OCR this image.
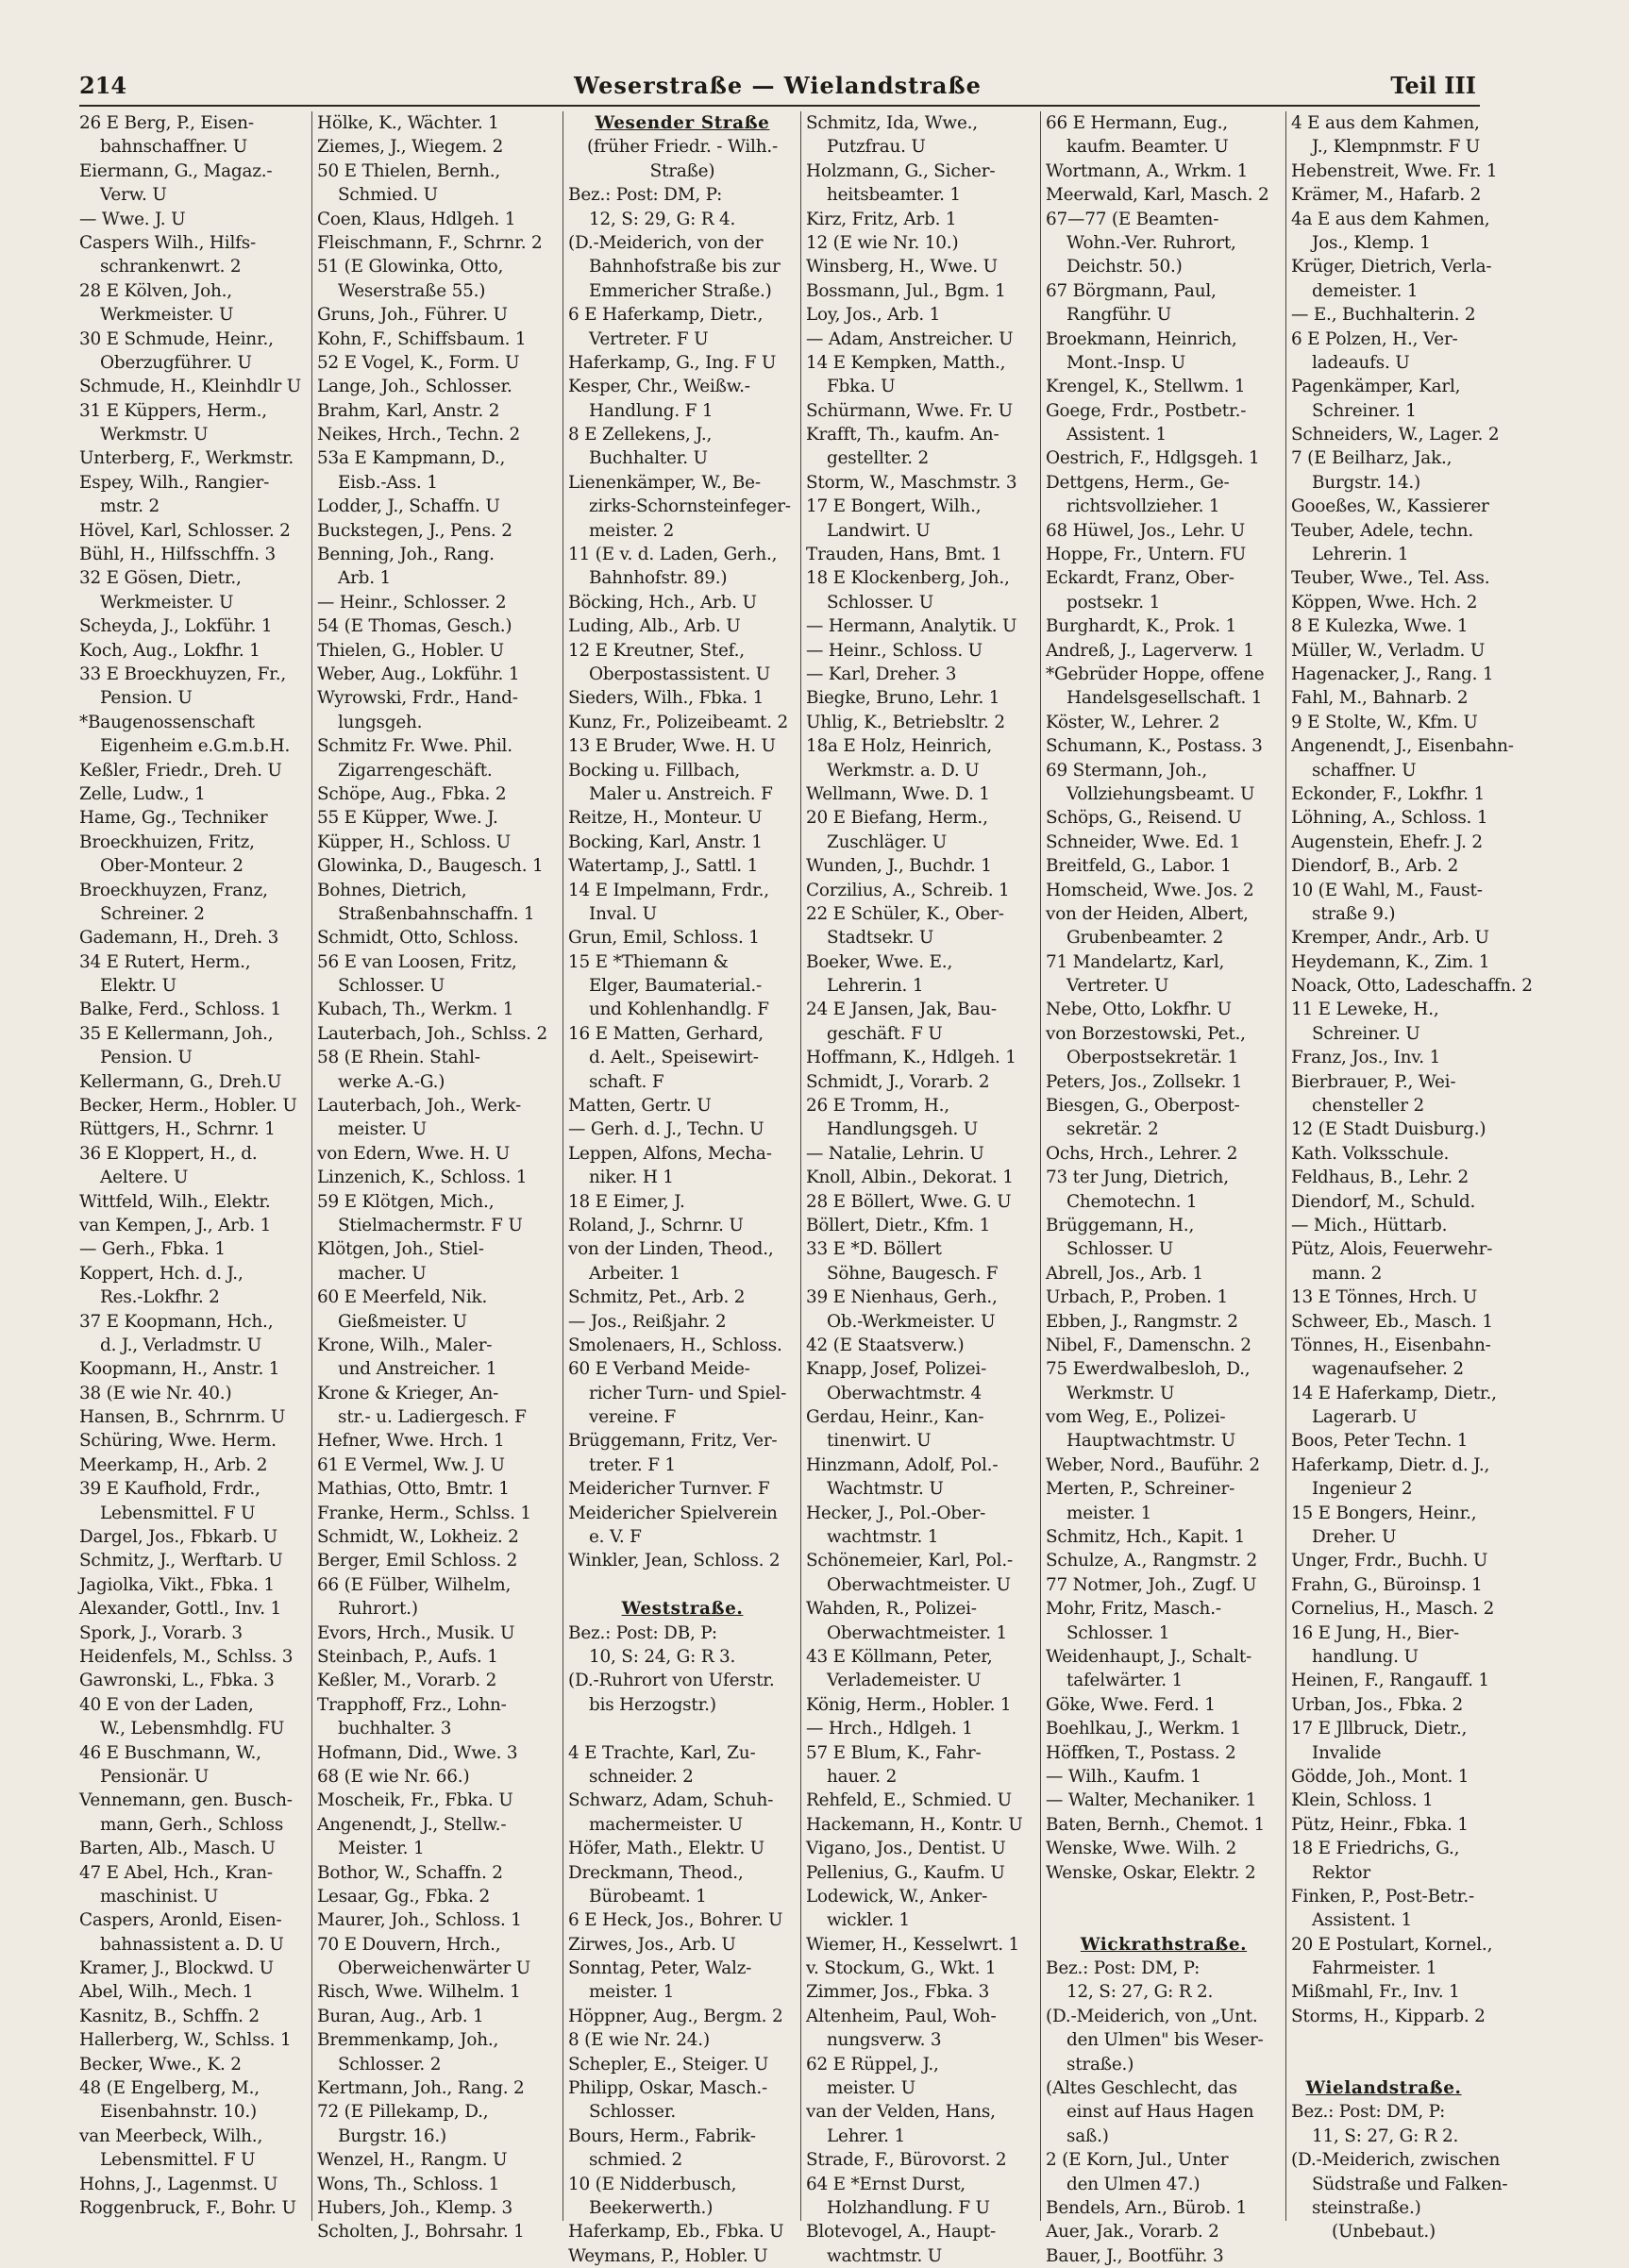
214	Weserstraße — Wielandstraße	Teil III
26 E Berg, P., Eisen-
bahnschaffner. U
Eiermann, G., Magaz.-
Verw. U
— Wwe. J. U
Caspers Wilh., Hilfs-
schrankenwrt. 2
28 E Kölven, Joh.,
Werkmeister. U
30 E Schmude, Heinr.,
Oberzugführer. U
Schmude, H., Kleinhdlr U
31 E Küppers, Herm.,
Werkmstr. U
Unterberg, F., Werkmstr.
Espey, Wilh., Rangier-
mstr. 2
Hövel, Karl, Schlosser. 2
Bühl, H., Hilfsschffn. 3
32 E Gösen, Dietr.,
Werkmeister. U
Scheyda, J., Lokführ. 1
Koch, Aug., Lokfhr. 1
33 E Broeckhuyzen, Fr.,
Pension. U
*Baugenossenschaft
Eigenheim e.G.m.b.H.
Keßler, Friedr., Dreh. U
Zelle, Ludw., 1
Hame, Gg., Techniker
Broeckhuizen, Fritz,
Ober-Monteur. 2
Broeckhuyzen, Franz,
Schreiner. 2
Gademann, H., Dreh. 3
34 E Rutert, Herm.,
Elektr. U
Balke, Ferd., Schloss. 1
35 E Kellermann, Joh.,
Pension. U
Kellermann, G., Dreh.U
Becker, Herm., Hobler. U
Rüttgers, H., Schrnr. 1
36 E Kloppert, H., d.
Aeltere. U
Wittfeld, Wilh., Elektr.
van Kempen, J., Arb. 1
— Gerh., Fbka. 1
Koppert, Hch. d. J.,
Res.-Lokfhr. 2
37 E Koopmann, Hch.,
d. J., Verladmstr. U
Koopmann, H., Anstr. 1
38 (E wie Nr. 40.)
Hansen, B., Schrnrm. U
Schüring, Wwe. Herm.
Meerkamp, H., Arb. 2
39 E Kaufhold, Frdr.,
Lebensmittel. F U
Dargel, Jos., Fbkarb. U
Schmitz, J., Werftarb. U
Jagiolka, Vikt., Fbka. 1
Alexander, Gottl., Inv. 1
Spork, J., Vorarb. 3
Heidenfels, M., Schlss. 3
Gawronski, L., Fbka. 3
40 E von der Laden,
W., Lebensmhdlg. FU
46 E Buschmann, W.,
Pensionär. U
Vennemann, gen. Busch-
mann, Gerh., Schloss
Barten, Alb., Masch. U
47 E Abel, Hch., Kran-
maschinist. U
Caspers, Aronld, Eisen-
bahnassistent a. D. U
Kramer, J., Blockwd. U
Abel, Wilh., Mech. 1
Kasnitz, B., Schffn. 2
Hallerberg, W., Schlss. 1
Becker, Wwe., K. 2
48 (E Engelberg, M.,
Eisenbahnstr. 10.)
van Meerbeck, Wilh.,
Lebensmittel. F U
Hohns, J., Lagenmst. U
Roggenbruck, F., Bohr. U
Hölke, K., Wächter. 1
Ziemes, J., Wiegem. 2
50 E Thielen, Bernh.,
Schmied. U
Coen, Klaus, Hdlgeh. 1
Fleischmann, F., Schrnr. 2
51 (E Glowinka, Otto,
Weserstraße 55.)
Gruns, Joh., Führer. U
Kohn, F., Schiffsbaum. 1
52 E Vogel, K., Form. U
Lange, Joh., Schlosser.
Brahm, Karl, Anstr. 2
Neikes, Hrch., Techn. 2
53a E Kampmann, D.,
Eisb.-Ass. 1
Lodder, J., Schaffn. U
Buckstegen, J., Pens. 2
Benning, Joh., Rang.
Arb. 1
— Heinr., Schlosser. 2
54 (E Thomas, Gesch.)
Thielen, G., Hobler. U
Weber, Aug., Lokführ. 1
Wyrowski, Frdr., Hand-
lungsgeh.
Schmitz Fr. Wwe. Phil.
Zigarrengeschäft.
Schöpe, Aug., Fbka. 2
55 E Küpper, Wwe. J.
Küpper, H., Schloss. U
Glowinka, D., Baugesch. 1
Bohnes, Dietrich,
Straßenbahnschaffn. 1
Schmidt, Otto, Schloss.
56 E van Loosen, Fritz,
Schlosser. U
Kubach, Th., Werkm. 1
Lauterbach, Joh., Schlss. 2
58 (E Rhein. Stahl-
werke A.-G.)
Lauterbach, Joh., Werk-
meister. U
von Edern, Wwe. H. U
Linzenich, K., Schloss. 1
59 E Klötgen, Mich.,
Stielmachermstr. F U
Klötgen, Joh., Stiel-
macher. U
60 E Meerfeld, Nik.
Gießmeister. U
Krone, Wilh., Maler-
und Anstreicher. 1
Krone & Krieger, An-
str.- u. Ladiergesch. F
Hefner, Wwe. Hrch. 1
61 E Vermel, Ww. J. U
Mathias, Otto, Bmtr. 1
Franke, Herm., Schlss. 1
Schmidt, W., Lokheiz. 2
Berger, Emil Schloss. 2
66 (E Fülber, Wilhelm,
Ruhrort.)
Evors, Hrch., Musik. U
Steinbach, P., Aufs. 1
Keßler, M., Vorarb. 2
Trapphoff, Frz., Lohn-
buchhalter. 3
Hofmann, Did., Wwe. 3
68 (E wie Nr. 66.)
Moscheik, Fr., Fbka. U
Angenendt, J., Stellw.-
Meister. 1
Bothor, W., Schaffn. 2
Lesaar, Gg., Fbka. 2
Maurer, Joh., Schloss. 1
70 E Douvern, Hrch.,
Oberweichenwärter U
Risch, Wwe. Wilhelm. 1
Buran, Aug., Arb. 1
Bremmenkamp, Joh.,
Schlosser. 2
Kertmann, Joh., Rang. 2
72 (E Pillekamp, D.,
Burgstr. 16.)
Wenzel, H., Rangm. U
Wons, Th., Schloss. 1
Hubers, Joh., Klemp. 3
Scholten, J., Bohrsahr. 1
Wesender Straße
(früher Friedr. - Wilh.-
Straße)
Bez.: Post: DM, P:
12, S: 29, G: R 4.
(D.-Meiderich, von der
Bahnhofstraße bis zur
Emmericher Straße.)
6 E Haferkamp, Dietr.,
Vertreter. F U
Haferkamp, G., Ing. F U
Kesper, Chr., Weißw.-
Handlung. F 1
8 E Zellekens, J.,
Buchhalter. U
Lienenkämper, W., Be-
zirks-Schornsteinfeger-
meister. 2
11 (E v. d. Laden, Gerh.,
Bahnhofstr. 89.)
Böcking, Hch., Arb. U
Luding, Alb., Arb. U
12 E Kreutner, Stef.,
Oberpostassistent. U
Sieders, Wilh., Fbka. 1
Kunz, Fr., Polizeibeamt. 2
13 E Bruder, Wwe. H. U
Bocking u. Fillbach,
Maler u. Anstreich. F
Reitze, H., Monteur. U
Bocking, Karl, Anstr. 1
Watertamp, J., Sattl. 1
14 E Impelmann, Frdr.,
Inval. U
Grun, Emil, Schloss. 1
15 E *Thiemann &
Elger, Baumaterial.-
und Kohlenhandlg. F
16 E Matten, Gerhard,
d. Aelt., Speisewirt-
schaft. F
Matten, Gertr. U
— Gerh. d. J., Techn. U
Leppen, Alfons, Mecha-
niker. H 1
18 E Eimer, J.
Roland, J., Schrnr. U
von der Linden, Theod.,
Arbeiter. 1
Schmitz, Pet., Arb. 2
— Jos., Reißjahr. 2
Smolenaers, H., Schloss.
60 E Verband Meide-
richer Turn- und Spiel-
vereine. F
Brüggemann, Fritz, Ver-
treter. F 1
Meidericher Turnver. F
Meidericher Spielverein
e. V. F
Winkler, Jean, Schloss. 2
Weststraße.
Bez.: Post: DB, P:
10, S: 24, G: R 3.
(D.-Ruhrort von Uferstr.
bis Herzogstr.)
4 E Trachte, Karl, Zu-
schneider. 2
Schwarz, Adam, Schuh-
machermeister. U
Höfer, Math., Elektr. U
Dreckmann, Theod.,
Bürobeamt. 1
6 E Heck, Jos., Bohrer. U
Zirwes, Jos., Arb. U
Sonntag, Peter, Walz-
meister. 1
Höppner, Aug., Bergm. 2
8 (E wie Nr. 24.)
Schepler, E., Steiger. U
Philipp, Oskar, Masch.-
Schlosser.
Bours, Herm., Fabrik-
schmied. 2
10 (E Nidderbusch,
Beekerwerth.)
Haferkamp, Eb., Fbka. U
Weymans, P., Hobler. U
Schmitz, Ida, Wwe.,
Putzfrau. U
Holzmann, G., Sicher-
heitsbeamter. 1
Kirz, Fritz, Arb. 1
12 (E wie Nr. 10.)
Winsberg, H., Wwe. U
Bossmann, Jul., Bgm. 1
Loy, Jos., Arb. 1
— Adam, Anstreicher. U
14 E Kempken, Matth.,
Fbka. U
Schürmann, Wwe. Fr. U
Krafft, Th., kaufm. An-
gestellter. 2
Storm, W., Maschmstr. 3
17 E Bongert, Wilh.,
Landwirt. U
Trauden, Hans, Bmt. 1
18 E Klockenberg, Joh.,
Schlosser. U
— Hermann, Analytik. U
— Heinr., Schloss. U
— Karl, Dreher. 3
Biegke, Bruno, Lehr. 1
Uhlig, K., Betriebsltr. 2
18a E Holz, Heinrich,
Werkmstr. a. D. U
Wellmann, Wwe. D. 1
20 E Biefang, Herm.,
Zuschläger. U
Wunden, J., Buchdr. 1
Corzilius, A., Schreib. 1
22 E Schüler, K., Ober-
Stadtsekr. U
Boeker, Wwe. E.,
Lehrerin. 1
24 E Jansen, Jak, Bau-
geschäft. F U
Hoffmann, K., Hdlgeh. 1
Schmidt, J., Vorarb. 2
26 E Tromm, H.,
Handlungsgeh. U
— Natalie, Lehrin. U
Knoll, Albin., Dekorat. 1
28 E Böllert, Wwe. G. U
Böllert, Dietr., Kfm. 1
33 E *D. Böllert
Söhne, Baugesch. F
39 E Nienhaus, Gerh.,
Ob.-Werkmeister. U
42 (E Staatsverw.)
Knapp, Josef, Polizei-
Oberwachtmstr. 4
Gerdau, Heinr., Kan-
tinenwirt. U
Hinzmann, Adolf, Pol.-
Wachtmstr. U
Hecker, J., Pol.-Ober-
wachtmstr. 1
Schönemeier, Karl, Pol.-
Oberwachtmeister. U
Wahden, R., Polizei-
Oberwachtmeister. 1
43 E Köllmann, Peter,
Verlademeister. U
König, Herm., Hobler. 1
— Hrch., Hdlgeh. 1
57 E Blum, K., Fahr-
hauer. 2
Rehfeld, E., Schmied. U
Hackemann, H., Kontr. U
Vigano, Jos., Dentist. U
Pellenius, G., Kaufm. U
Lodewick, W., Anker-
wickler. 1
Wiemer, H., Kesselwrt. 1
v. Stockum, G., Wkt. 1
Zimmer, Jos., Fbka. 3
Altenheim, Paul, Woh-
nungsverw. 3
62 E Rüppel, J.,
meister. U
van der Velden, Hans,
Lehrer. 1
Strade, F., Bürovorst. 2
64 E *Ernst Durst,
Holzhandlung. F U
Blotevogel, A., Haupt-
wachtmstr. U
66 E Hermann, Eug.,
kaufm. Beamter. U
Wortmann, A., Wrkm. 1
Meerwald, Karl, Masch. 2
67—77 (E Beamten-
Wohn.-Ver. Ruhrort,
Deichstr. 50.)
67 Börgmann, Paul,
Rangführ. U
Broekmann, Heinrich,
Mont.-Insp. U
Krengel, K., Stellwm. 1
Goege, Frdr., Postbetr.-
Assistent. 1
Oestrich, F., Hdlgsgeh. 1
Dettgens, Herm., Ge-
richtsvollzieher. 1
68 Hüwel, Jos., Lehr. U
Hoppe, Fr., Untern. FU
Eckardt, Franz, Ober-
postsekr. 1
Burghardt, K., Prok. 1
Andreß, J., Lagerverw. 1
*Gebrüder Hoppe, offene
Handelsgesellschaft. 1
Köster, W., Lehrer. 2
Schumann, K., Postass. 3
69 Stermann, Joh.,
Vollziehungsbeamt. U
Schöps, G., Reisend. U
Schneider, Wwe. Ed. 1
Breitfeld, G., Labor. 1
Homscheid, Wwe. Jos. 2
von der Heiden, Albert,
Grubenbeamter. 2
71 Mandelartz, Karl,
Vertreter. U
Nebe, Otto, Lokfhr. U
von Borzestowski, Pet.,
Oberpostsekretär. 1
Peters, Jos., Zollsekr. 1
Biesgen, G., Oberpost-
sekretär. 2
Ochs, Hrch., Lehrer. 2
73 ter Jung, Dietrich,
Chemotechn. 1
Brüggemann, H.,
Schlosser. U
Abrell, Jos., Arb. 1
Urbach, P., Proben. 1
Ebben, J., Rangmstr. 2
Nibel, F., Damenschn. 2
75 Ewerdwalbesloh, D.,
Werkmstr. U
vom Weg, E., Polizei-
Hauptwachtmstr. U
Weber, Nord., Bauführ. 2
Merten, P., Schreiner-
meister. 1
Schmitz, Hch., Kapit. 1
Schulze, A., Rangmstr. 2
77 Notmer, Joh., Zugf. U
Mohr, Fritz, Masch.-
Schlosser. 1
Weidenhaupt, J., Schalt-
tafelwärter. 1
Göke, Wwe. Ferd. 1
Boehlkau, J., Werkm. 1
Höffken, T., Postass. 2
— Wilh., Kaufm. 1
— Walter, Mechaniker. 1
Baten, Bernh., Chemot. 1
Wenske, Wwe. Wilh. 2
Wenske, Oskar, Elektr. 2
Wickrathstraße.
Bez.: Post: DM, P:
12, S: 27, G: R 2.
(D.-Meiderich, von „Unt.
den Ulmen" bis Weser-
straße.)
(Altes Geschlecht, das
einst auf Haus Hagen
saß.)
2 (E Korn, Jul., Unter
den Ulmen 47.)
Bendels, Arn., Bürob. 1
Auer, Jak., Vorarb. 2
Bauer, J., Bootführ. 3
4 E aus dem Kahmen,
J., Klempnmstr. F U
Hebenstreit, Wwe. Fr. 1
Krämer, M., Hafarb. 2
4a E aus dem Kahmen,
Jos., Klemp. 1
Krüger, Dietrich, Verla-
demeister. 1
— E., Buchhalterin. 2
6 E Polzen, H., Ver-
ladeaufs. U
Pagenkämper, Karl,
Schreiner. 1
Schneiders, W., Lager. 2
7 (E Beilharz, Jak.,
Burgstr. 14.)
Gooeßes, W., Kassierer
Teuber, Adele, techn.
Lehrerin. 1
Teuber, Wwe., Tel. Ass.
Köppen, Wwe. Hch. 2
8 E Kulezka, Wwe. 1
Müller, W., Verladm. U
Hagenacker, J., Rang. 1
Fahl, M., Bahnarb. 2
9 E Stolte, W., Kfm. U
Angenendt, J., Eisenbahn-
schaffner. U
Eckonder, F., Lokfhr. 1
Löhning, A., Schloss. 1
Augenstein, Ehefr. J. 2
Diendorf, B., Arb. 2
10 (E Wahl, M., Faust-
straße 9.)
Kremper, Andr., Arb. U
Heydemann, K., Zim. 1
Noack, Otto, Ladeschaffn. 2
11 E Leweke, H.,
Schreiner. U
Franz, Jos., Inv. 1
Bierbrauer, P., Wei-
chensteller 2
12 (E Stadt Duisburg.)
Kath. Volksschule.
Feldhaus, B., Lehr. 2
Diendorf, M., Schuld.
— Mich., Hüttarb.
Pütz, Alois, Feuerwehr-
mann. 2
13 E Tönnes, Hrch. U
Schweer, Eb., Masch. 1
Tönnes, H., Eisenbahn-
wagenaufseher. 2
14 E Haferkamp, Dietr.,
Lagerarb. U
Boos, Peter Techn. 1
Haferkamp, Dietr. d. J.,
Ingenieur 2
15 E Bongers, Heinr.,
Dreher. U
Unger, Frdr., Buchh. U
Frahn, G., Büroinsp. 1
Cornelius, H., Masch. 2
16 E Jung, H., Bier-
handlung. U
Heinen, F., Rangauff. 1
Urban, Jos., Fbka. 2
17 E Jllbruck, Dietr.,
Invalide
Gödde, Joh., Mont. 1
Klein, Schloss. 1
Pütz, Heinr., Fbka. 1
18 E Friedrichs, G.,
Rektor
Finken, P., Post-Betr.-
Assistent. 1
20 E Postulart, Kornel.,
Fahrmeister. 1
Mißmahl, Fr., Inv. 1
Storms, H., Kipparb. 2
Wielandstraße.
Bez.: Post: DM, P:
11, S: 27, G: R 2.
(D.-Meiderich, zwischen
Südstraße und Falken-
steinstraße.)
(Unbebaut.)
